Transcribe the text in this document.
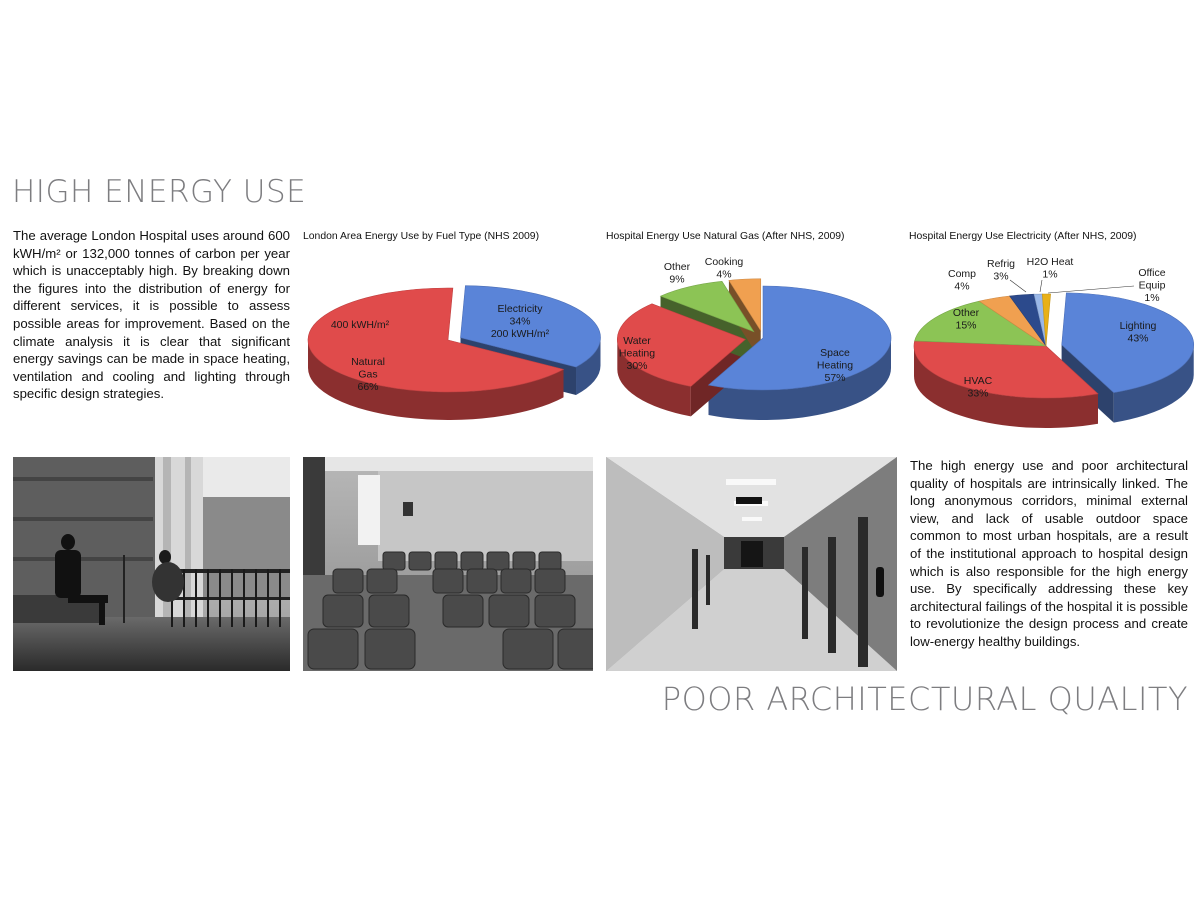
HIGH ENERGY USE

The average London Hospital uses around 600 kWH/m² or 132,000 tonnes of carbon per year which is unacceptably high. By breaking down the figures into the distribution of energy for different services, it is possible to assess possible areas for improvement. Based on the climate analysis it is clear that significant energy savings can be made in space heating, ventilation and cooling and lighting through specific design strategies.

London Area Energy Use by Fuel Type (NHS 2009)

Electricity 34% 200 kWH/m²
Natural Gas 66%
400 kWH/m²

Hospital Energy Use Natural Gas (After NHS, 2009)

Space Heating 57%
Water Heating 30%
Other 9%
Cooking 4%

Hospital Energy Use Electricity (After NHS, 2009)

Lighting 43%
HVAC 33%
Other 15%
Comp 4%
Refrig 3%
H2O Heat 1%	Office Equip 1%

The high energy use and poor architectural quality of hospitals are intrinsically linked. The long anonymous corridors, minimal external view, and lack of usable outdoor space common to most urban hospitals, are a result of the institutional approach to hospital design which is also responsible for the high energy use. By specifically addressing these key architectural failings of the hospital it is possible to revolutionize the design process and create low-energy healthy buildings.

POOR ARCHITECTURAL QUALITY
